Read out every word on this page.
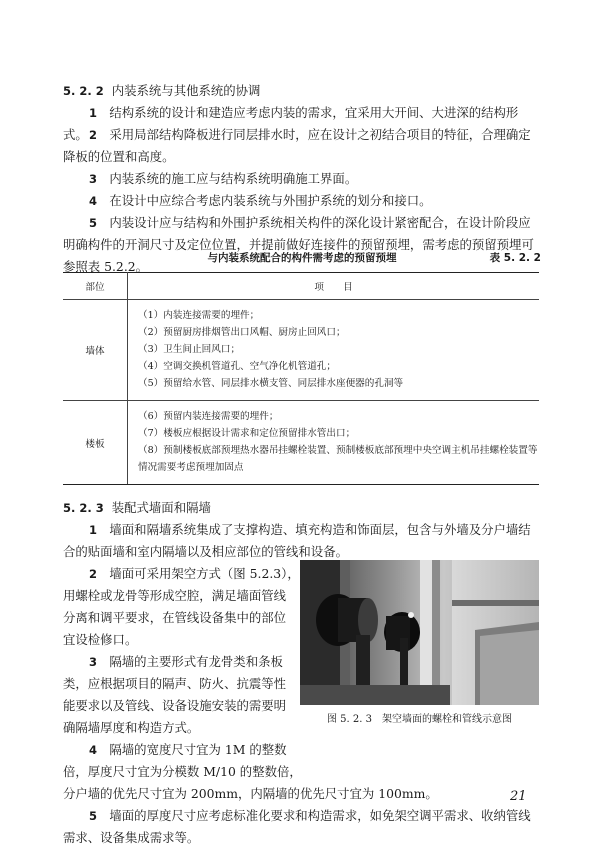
5. 2. 2 内装系统与其他系统的协调

1　 结构系统的设计和建造应考虑内装的需求，宜采用大开间、大进深的结构形式。 2　 采用局部结构降板进行同层排水时，应在设计之初结合项目的特征，合理确定降板的位置和高度。

3　 内装系统的施工应与结构系统明确施工界面。

4　 在设计中应综合考虑内装系统与外围护系统的划分和接口。

5　 内装设计应与结构和外围护系统相关构件的深化设计紧密配合，在设计阶段应明确构件的开洞尺寸及定位位置，并提前做好连接件的预留预埋，需考虑的预留预埋可参照表 5.2.2。

与内装系统配合的构件需考虑的预留预埋	表 5. 2. 2
部位	项　　目
墙体	（1）内装连接需要的埋件；
（2）预留厨房排烟管出口风帽、厨房止回风口；
（3）卫生间止回风口；
（4）空调交换机管道孔、空气净化机管道孔；
（5）预留给水管、同层排水横支管、同层排水座便器的孔洞等

楼板	（6）预留内装连接需要的埋件；
（7）楼板应根据设计需求和定位预留排水管出口；
（8）预制楼板底部预埋热水器吊挂螺栓装置、预制楼板底部预埋中央空调主机吊挂螺栓装置等情况需要考虑预埋加固点

5. 2. 3 装配式墙面和隔墙

1　 墙面和隔墙系统集成了支撑构造、填充构造和饰面层，包含与外墙及分户墙结合的贴面墙和室内隔墙以及相应部位的管线和设备。

2　 墙面可采用架空方式（图 5.2.3），
用螺栓或龙骨等形成空腔，满足墙面管线
分离和调平要求，在管线设备集中的部位
宜设检修口。
3　 隔墙的主要形式有龙骨类和条板
类，应根据项目的隔声、防火、抗震等性
能要求以及管线、设备设施安装的需要明
确隔墙厚度和构造方式。
4　 隔墙的宽度尺寸宜为 1M 的整数
倍，厚度尺寸宜为分模数 M/10 的整数倍，
分户墙的优先尺寸宜为 200mm，内隔墙的优先尺寸宜为 100mm。

5　 墙面的厚度尺寸应考虑标准化要求和构造需求，如免架空调平需求、收纳管线需求、设备集成需求等。

图 5. 2. 3　架空墙面的螺栓和管线示意图
21
